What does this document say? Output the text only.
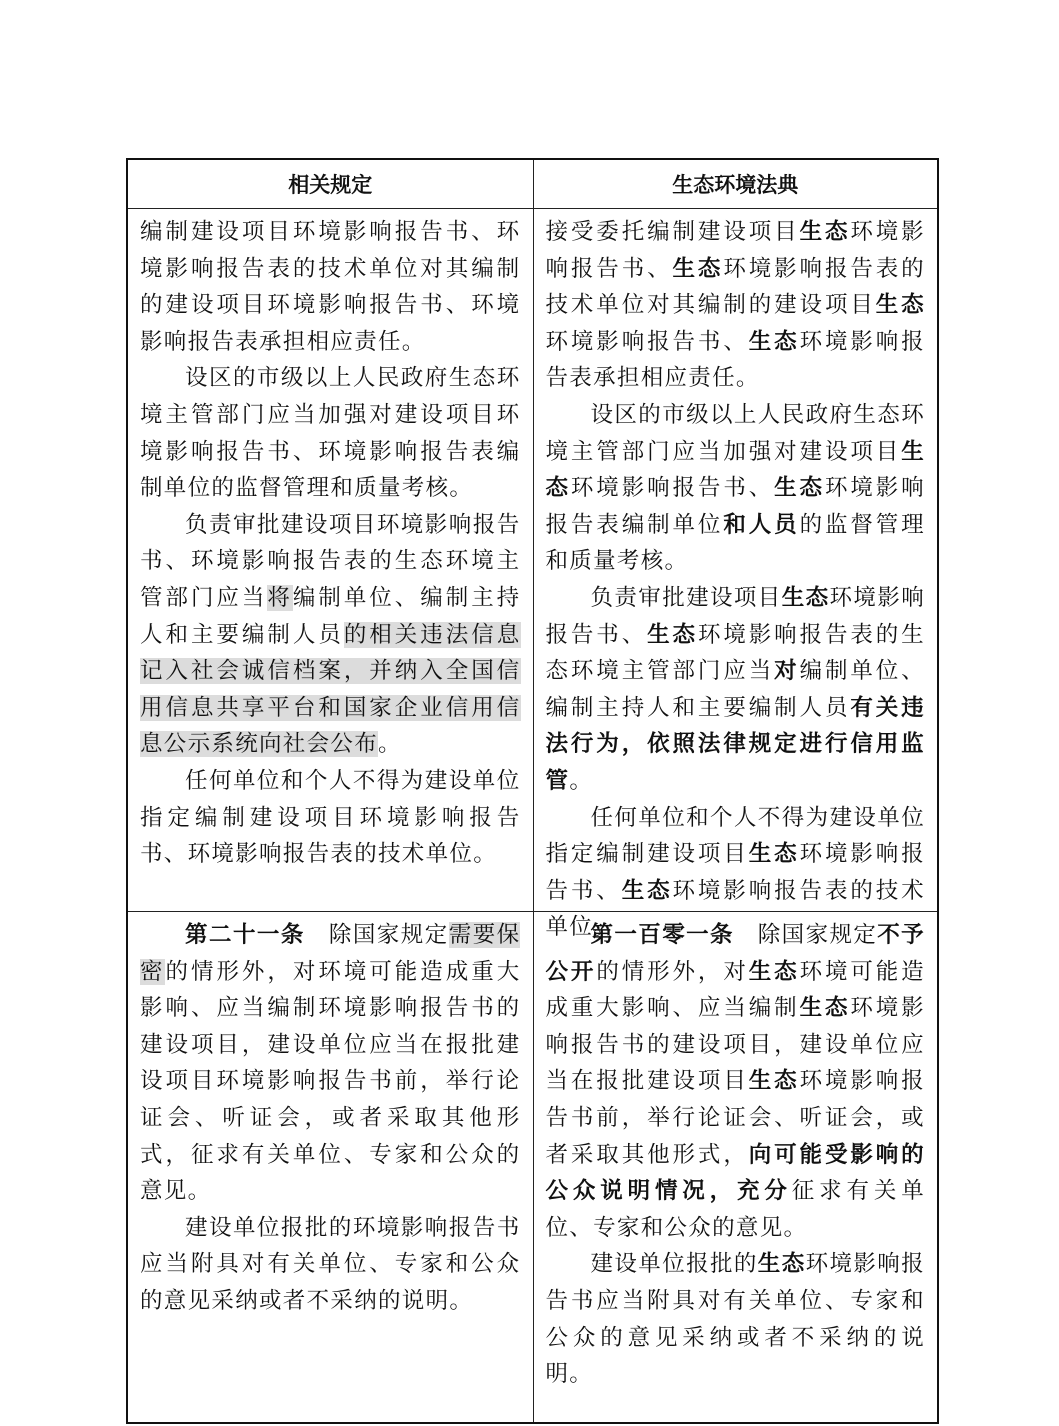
相关规定	生态环境法典

编制建设项目环境影响报告书、环境影响报告表的技术单位对其编制的建设项目环境影响报告书、环境影响报告表承担相应责任。

设区的市级以上人民政府生态环境主管部门应当加强对建设项目环境影响报告书、环境影响报告表编制单位的监督管理和质量考核。

负责审批建设项目环境影响报告书、环境影响报告表的生态环境主管部门应当将编制单位、编制主持人和主要编制人员的相关违法信息记入社会诚信档案，并纳入全国信用信息共享平台和国家企业信用信息公示系统向社会公布。

任何单位和个人不得为建设单位指定编制建设项目环境影响报告书、环境影响报告表的技术单位。

接受委托编制建设项目生态环境影响报告书、生态环境影响报告表的技术单位对其编制的建设项目生态环境影响报告书、生态环境影响报告表承担相应责任。

设区的市级以上人民政府生态环境主管部门应当加强对建设项目生态环境影响报告书、生态环境影响报告表编制单位和人员的监督管理和质量考核。

负责审批建设项目生态环境影响报告书、生态环境影响报告表的生态环境主管部门应当对编制单位、编制主持人和主要编制人员有关违法行为，依照法律规定进行信用监管。

任何单位和个人不得为建设单位指定编制建设项目生态环境影响报告书、生态环境影响报告表的技术单位。

第二十一条　除国家规定需要保密的情形外，对环境可能造成重大影响、应当编制环境影响报告书的建设项目，建设单位应当在报批建设项目环境影响报告书前，举行论证会、听证会，或者采取其他形式，征求有关单位、专家和公众的意见。

建设单位报批的环境影响报告书应当附具对有关单位、专家和公众的意见采纳或者不采纳的说明。

第一百零一条　除国家规定不予公开的情形外，对生态环境可能造成重大影响、应当编制生态环境影响报告书的建设项目，建设单位应当在报批建设项目生态环境影响报告书前，举行论证会、听证会，或者采取其他形式，向可能受影响的公众说明情况，充分征求有关单位、专家和公众的意见。

建设单位报批的生态环境影响报告书应当附具对有关单位、专家和公众的意见采纳或者不采纳的说明。
